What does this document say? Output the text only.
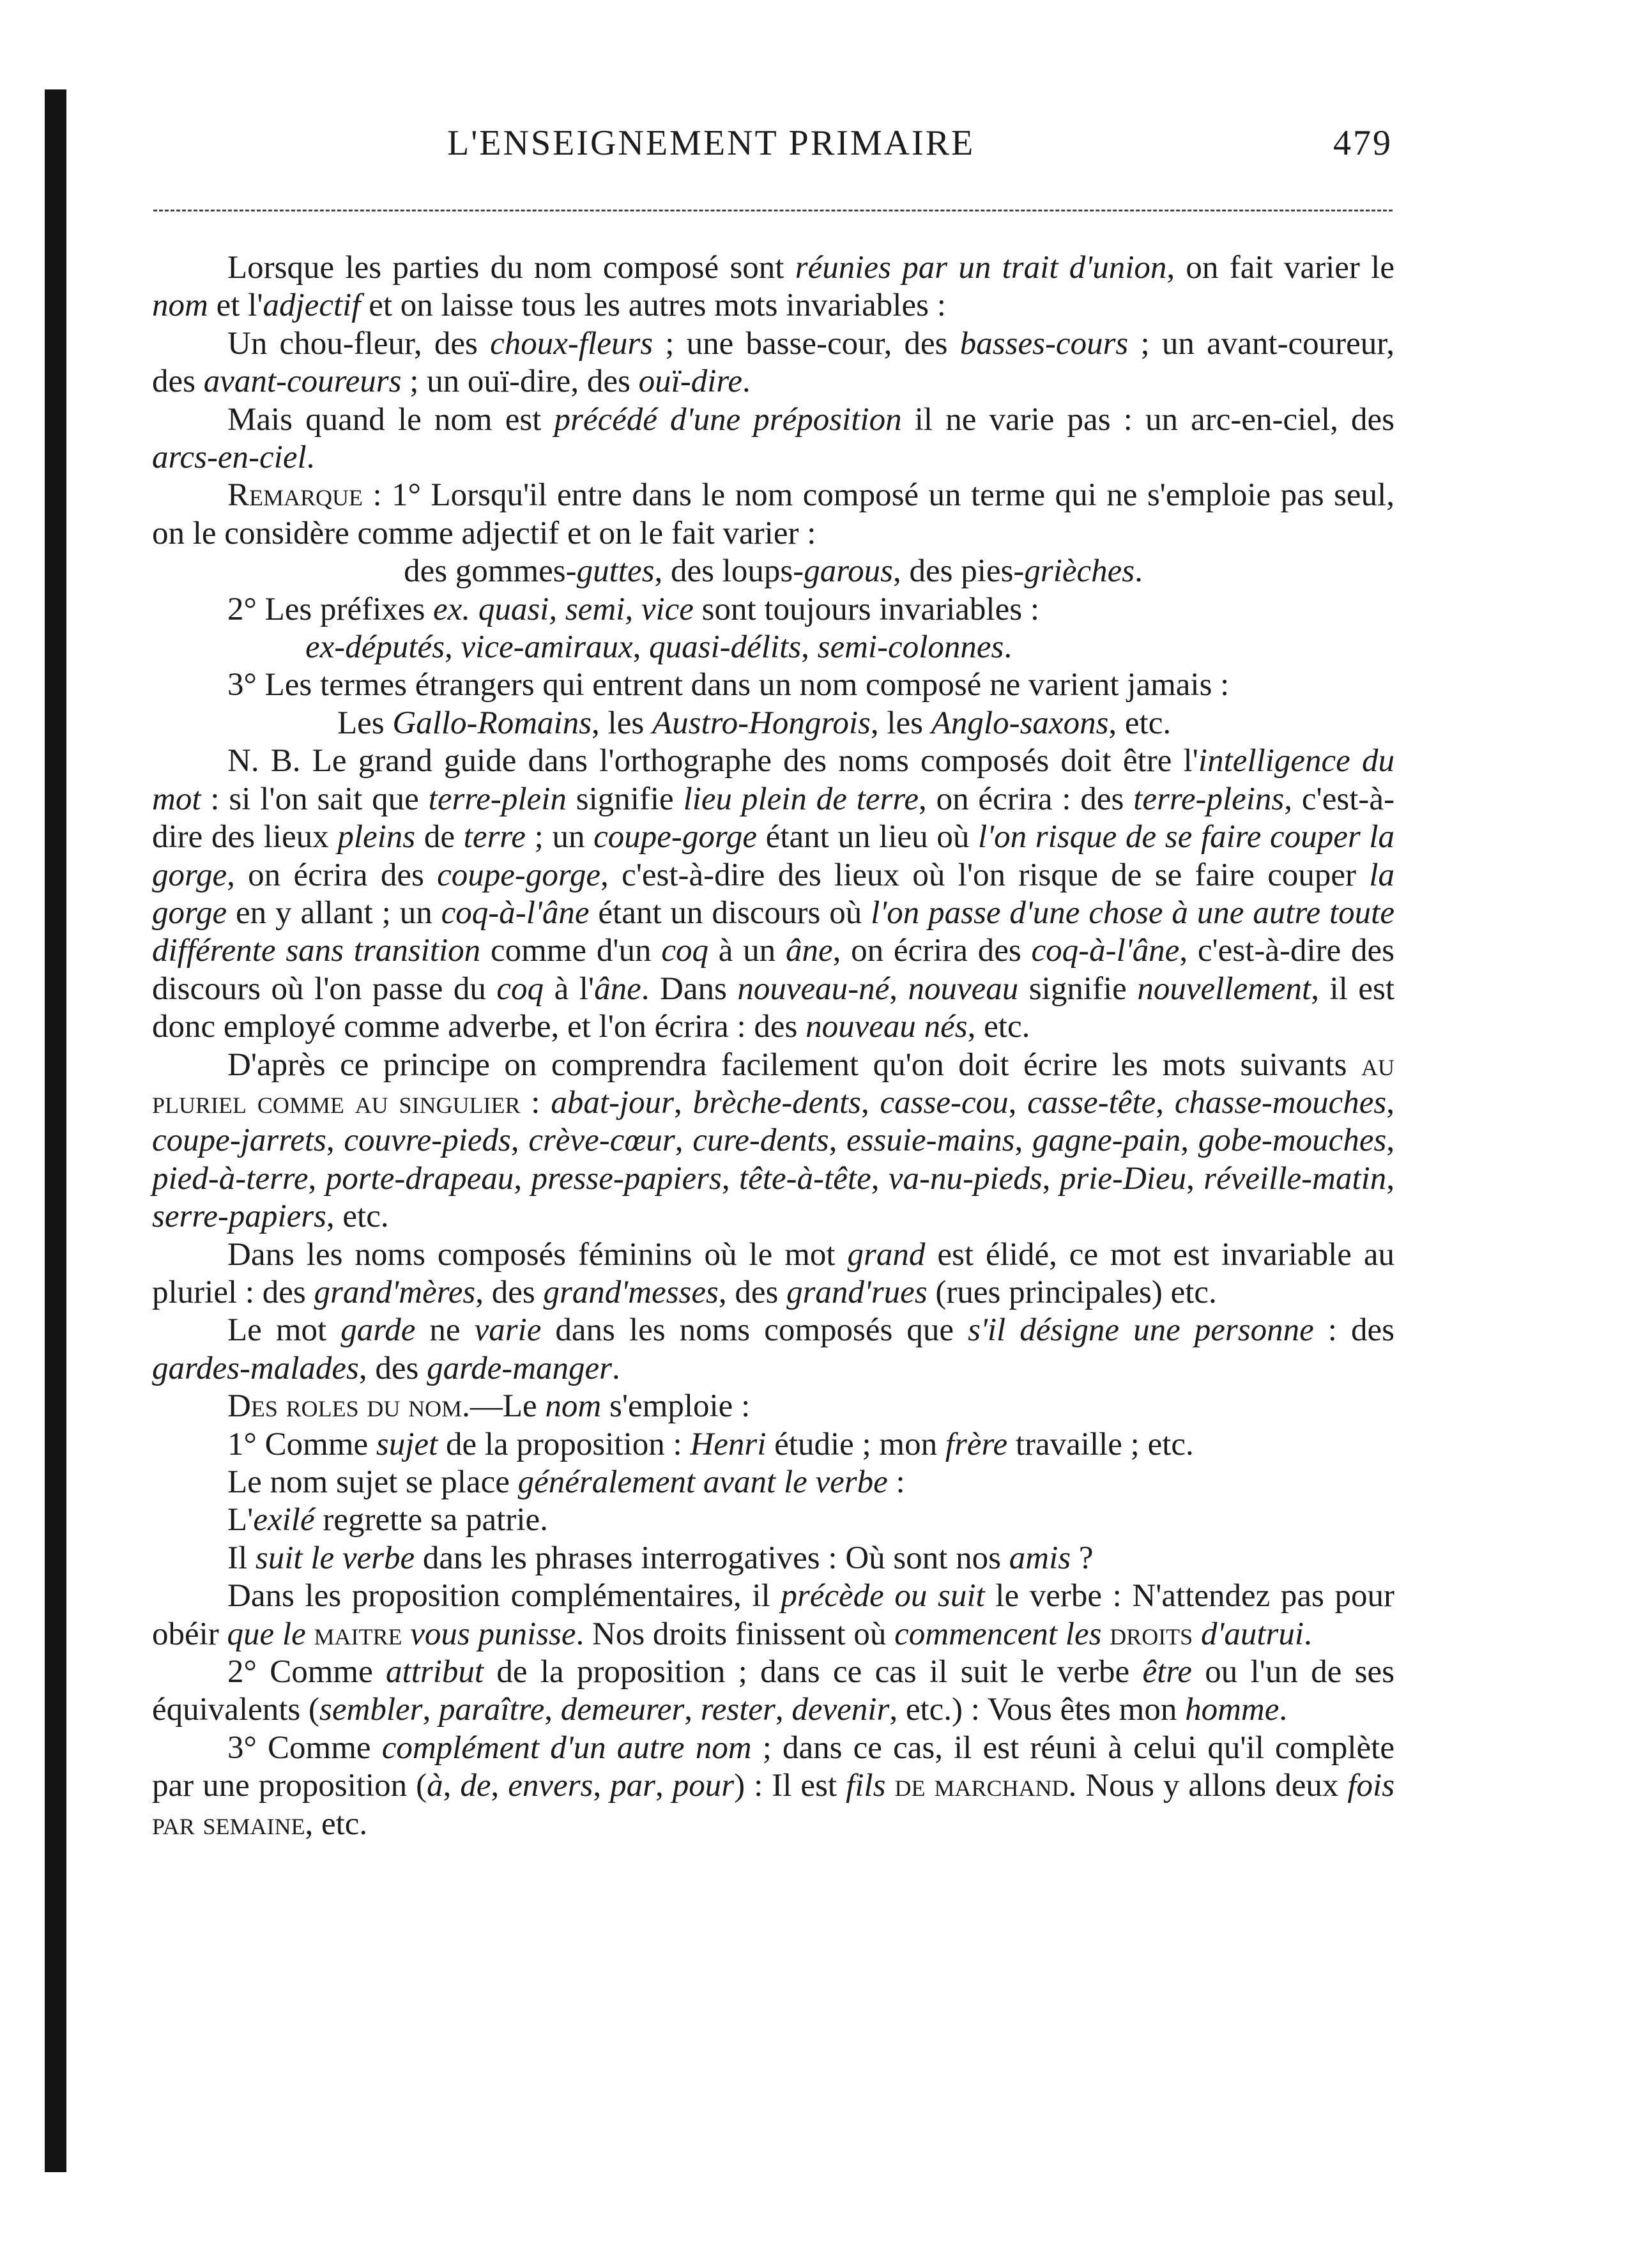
L'ENSEIGNEMENT PRIMAIRE	479

Lorsque les parties du nom composé sont réunies par un trait d'union, on fait varier le nom et l'adjectif et on laisse tous les autres mots invariables :

Un chou-fleur, des choux-fleurs ; une basse-cour, des basses-cours ; un avant-coureur, des avant-coureurs ; un ouï-dire, des ouï-dire.

Mais quand le nom est précédé d'une préposition il ne varie pas : un arc-en-ciel, des arcs-en-ciel.

Remarque : 1° Lorsqu'il entre dans le nom composé un terme qui ne s'emploie pas seul, on le considère comme adjectif et on le fait varier :

des gommes-guttes, des loups-garous, des pies-grièches.

2° Les préfixes ex. quasi, semi, vice sont toujours invariables :

ex-députés, vice-amiraux, quasi-délits, semi-colonnes.

3° Les termes étrangers qui entrent dans un nom composé ne varient jamais :

Les Gallo-Romains, les Austro-Hongrois, les Anglo-saxons, etc.

N. B. Le grand guide dans l'orthographe des noms composés doit être l'intelligence du mot : si l'on sait que terre-plein signifie lieu plein de terre, on écrira : des terre-pleins, c'est-à-dire des lieux pleins de terre ; un coupe-gorge étant un lieu où l'on risque de se faire couper la gorge, on écrira des coupe-gorge, c'est-à-dire des lieux où l'on risque de se faire couper la gorge en y allant ; un coq-à-l'âne étant un discours où l'on passe d'une chose à une autre toute différente sans transition comme d'un coq à un âne, on écrira des coq-à-l'âne, c'est-à-dire des discours où l'on passe du coq à l'âne. Dans nouveau-né, nouveau signifie nouvellement, il est donc employé comme adverbe, et l'on écrira : des nouveau nés, etc.

D'après ce principe on comprendra facilement qu'on doit écrire les mots suivants au pluriel comme au singulier : abat-jour, brèche-dents, casse-cou, casse-tête, chasse-mouches, coupe-jarrets, couvre-pieds, crève-cœur, cure-dents, essuie-mains, gagne-pain, gobe-mouches, pied-à-terre, porte-drapeau, presse-papiers, tête-à-tête, va-nu-pieds, prie-Dieu, réveille-matin, serre-papiers, etc.

Dans les noms composés féminins où le mot grand est élidé, ce mot est invariable au pluriel : des grand'mères, des grand'messes, des grand'rues (rues principales) etc.

Le mot garde ne varie dans les noms composés que s'il désigne une personne : des gardes-malades, des garde-manger.

Des roles du nom.—Le nom s'emploie :

1° Comme sujet de la proposition : Henri étudie ; mon frère travaille ; etc.

Le nom sujet se place généralement avant le verbe :

L'exilé regrette sa patrie.

Il suit le verbe dans les phrases interrogatives : Où sont nos amis ?

Dans les proposition complémentaires, il précède ou suit le verbe : N'attendez pas pour obéir que le maitre vous punisse. Nos droits finissent où commencent les droits d'autrui.

2° Comme attribut de la proposition ; dans ce cas il suit le verbe être ou l'un de ses équivalents (sembler, paraître, demeurer, rester, devenir, etc.) : Vous êtes mon homme.

3° Comme complément d'un autre nom ; dans ce cas, il est réuni à celui qu'il complète par une proposition (à, de, envers, par, pour) : Il est fils de marchand. Nous y allons deux fois par semaine, etc.
